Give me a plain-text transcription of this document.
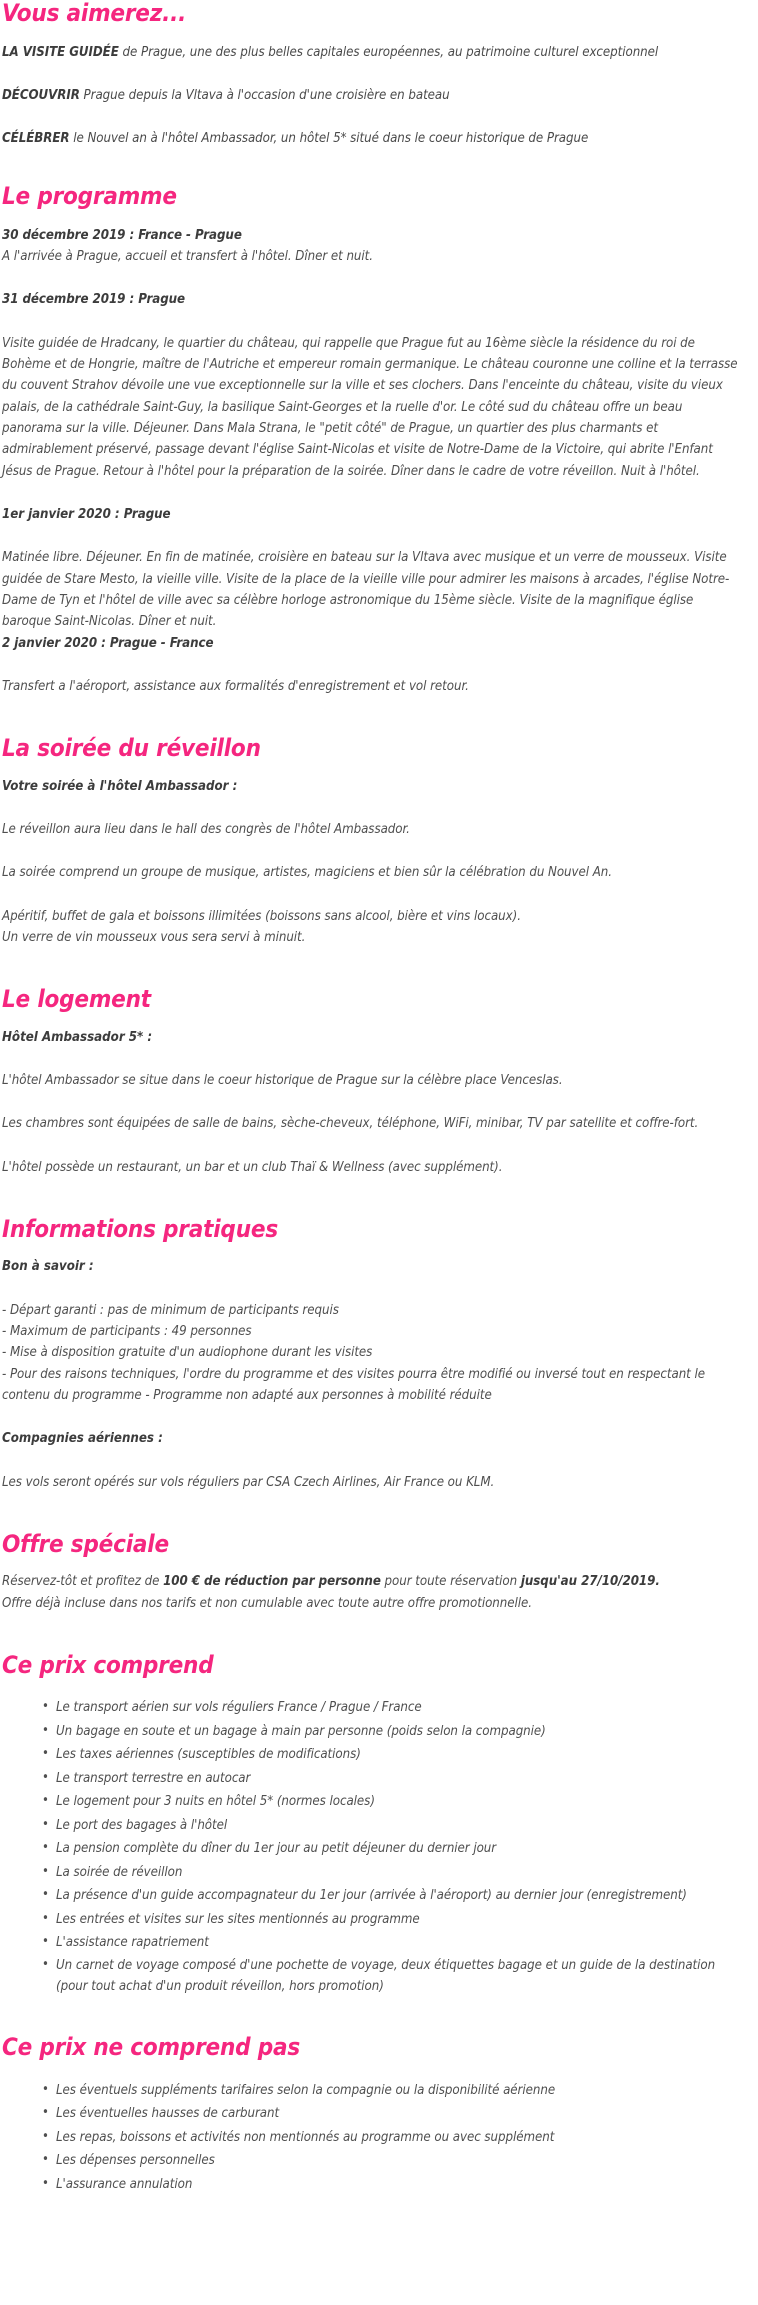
Vous aimerez...

LA VISITE GUIDÉE de Prague, une des plus belles capitales européennes, au patrimoine culturel exceptionnel

DÉCOUVRIR Prague depuis la Vltava à l'occasion d'une croisière en bateau

CÉLÉBRER le Nouvel an à l'hôtel Ambassador, un hôtel 5* situé dans le coeur historique de Prague

Le programme

30 décembre 2019 : France - Prague

A l'arrivée à Prague, accueil et transfert à l'hôtel. Dîner et nuit.

31 décembre 2019 : Prague

Visite guidée de Hradcany, le quartier du château, qui rappelle que Prague fut au 16ème siècle la résidence du roi de Bohème et de Hongrie, maître de l'Autriche et empereur romain germanique. Le château couronne une colline et la terrasse du couvent Strahov dévoile une vue exceptionnelle sur la ville et ses clochers. Dans l'enceinte du château, visite du vieux palais, de la cathédrale Saint-Guy, la basilique Saint-Georges et la ruelle d'or. Le côté sud du château offre un beau panorama sur la ville. Déjeuner. Dans Mala Strana, le "petit côté" de Prague, un quartier des plus charmants et admirablement préservé, passage devant l'église Saint-Nicolas et visite de Notre-Dame de la Victoire, qui abrite l'Enfant Jésus de Prague. Retour à l'hôtel pour la préparation de la soirée. Dîner dans le cadre de votre réveillon. Nuit à l'hôtel.

1er janvier 2020 : Prague

Matinée libre. Déjeuner. En fin de matinée, croisière en bateau sur la Vltava avec musique et un verre de mousseux. Visite guidée de Stare Mesto, la vieille ville. Visite de la place de la vieille ville pour admirer les maisons à arcades, l'église Notre-Dame de Tyn et l'hôtel de ville avec sa célèbre horloge astronomique du 15ème siècle. Visite de la magnifique église baroque Saint-Nicolas. Dîner et nuit.

2 janvier 2020 : Prague - France

Transfert a l'aéroport, assistance aux formalités d'enregistrement et vol retour.

La soirée du réveillon

Votre soirée à l'hôtel Ambassador :

Le réveillon aura lieu dans le hall des congrès de l'hôtel Ambassador.

La soirée comprend un groupe de musique, artistes, magiciens et bien sûr la célébration du Nouvel An.

Apéritif, buffet de gala et boissons illimitées (boissons sans alcool, bière et vins locaux).

Un verre de vin mousseux vous sera servi à minuit.

Le logement

Hôtel Ambassador 5* :

L'hôtel Ambassador se situe dans le coeur historique de Prague sur la célèbre place Venceslas.

Les chambres sont équipées de salle de bains, sèche-cheveux, téléphone, WiFi, minibar, TV par satellite et coffre-fort.

L'hôtel possède un restaurant, un bar et un club Thaï & Wellness (avec supplément).

Informations pratiques

Bon à savoir :

- Départ garanti : pas de minimum de participants requis

- Maximum de participants : 49 personnes

- Mise à disposition gratuite d'un audiophone durant les visites

- Pour des raisons techniques, l'ordre du programme et des visites pourra être modifié ou inversé tout en respectant le contenu du programme - Programme non adapté aux personnes à mobilité réduite

Compagnies aériennes :

Les vols seront opérés sur vols réguliers par CSA Czech Airlines, Air France ou KLM.

Offre spéciale

Réservez-tôt et profitez de 100 € de réduction par personne pour toute réservation jusqu'au 27/10/2019.

Offre déjà incluse dans nos tarifs et non cumulable avec toute autre offre promotionnelle.

Ce prix comprend
• Le transport aérien sur vols réguliers France / Prague / France
• Un bagage en soute et un bagage à main par personne (poids selon la compagnie)
• Les taxes aériennes (susceptibles de modifications)
• Le transport terrestre en autocar
• Le logement pour 3 nuits en hôtel 5* (normes locales)
• Le port des bagages à l'hôtel
• La pension complète du dîner du 1er jour au petit déjeuner du dernier jour
• La soirée de réveillon
• La présence d'un guide accompagnateur du 1er jour (arrivée à l'aéroport) au dernier jour (enregistrement)
• Les entrées et visites sur les sites mentionnés au programme
• L'assistance rapatriement
• Un carnet de voyage composé d'une pochette de voyage, deux étiquettes bagage et un guide de la destination (pour tout achat d'un produit réveillon, hors promotion)
Ce prix ne comprend pas
• Les éventuels suppléments tarifaires selon la compagnie ou la disponibilité aérienne
• Les éventuelles hausses de carburant
• Les repas, boissons et activités non mentionnés au programme ou avec supplément
• Les dépenses personnelles
• L'assurance annulation
